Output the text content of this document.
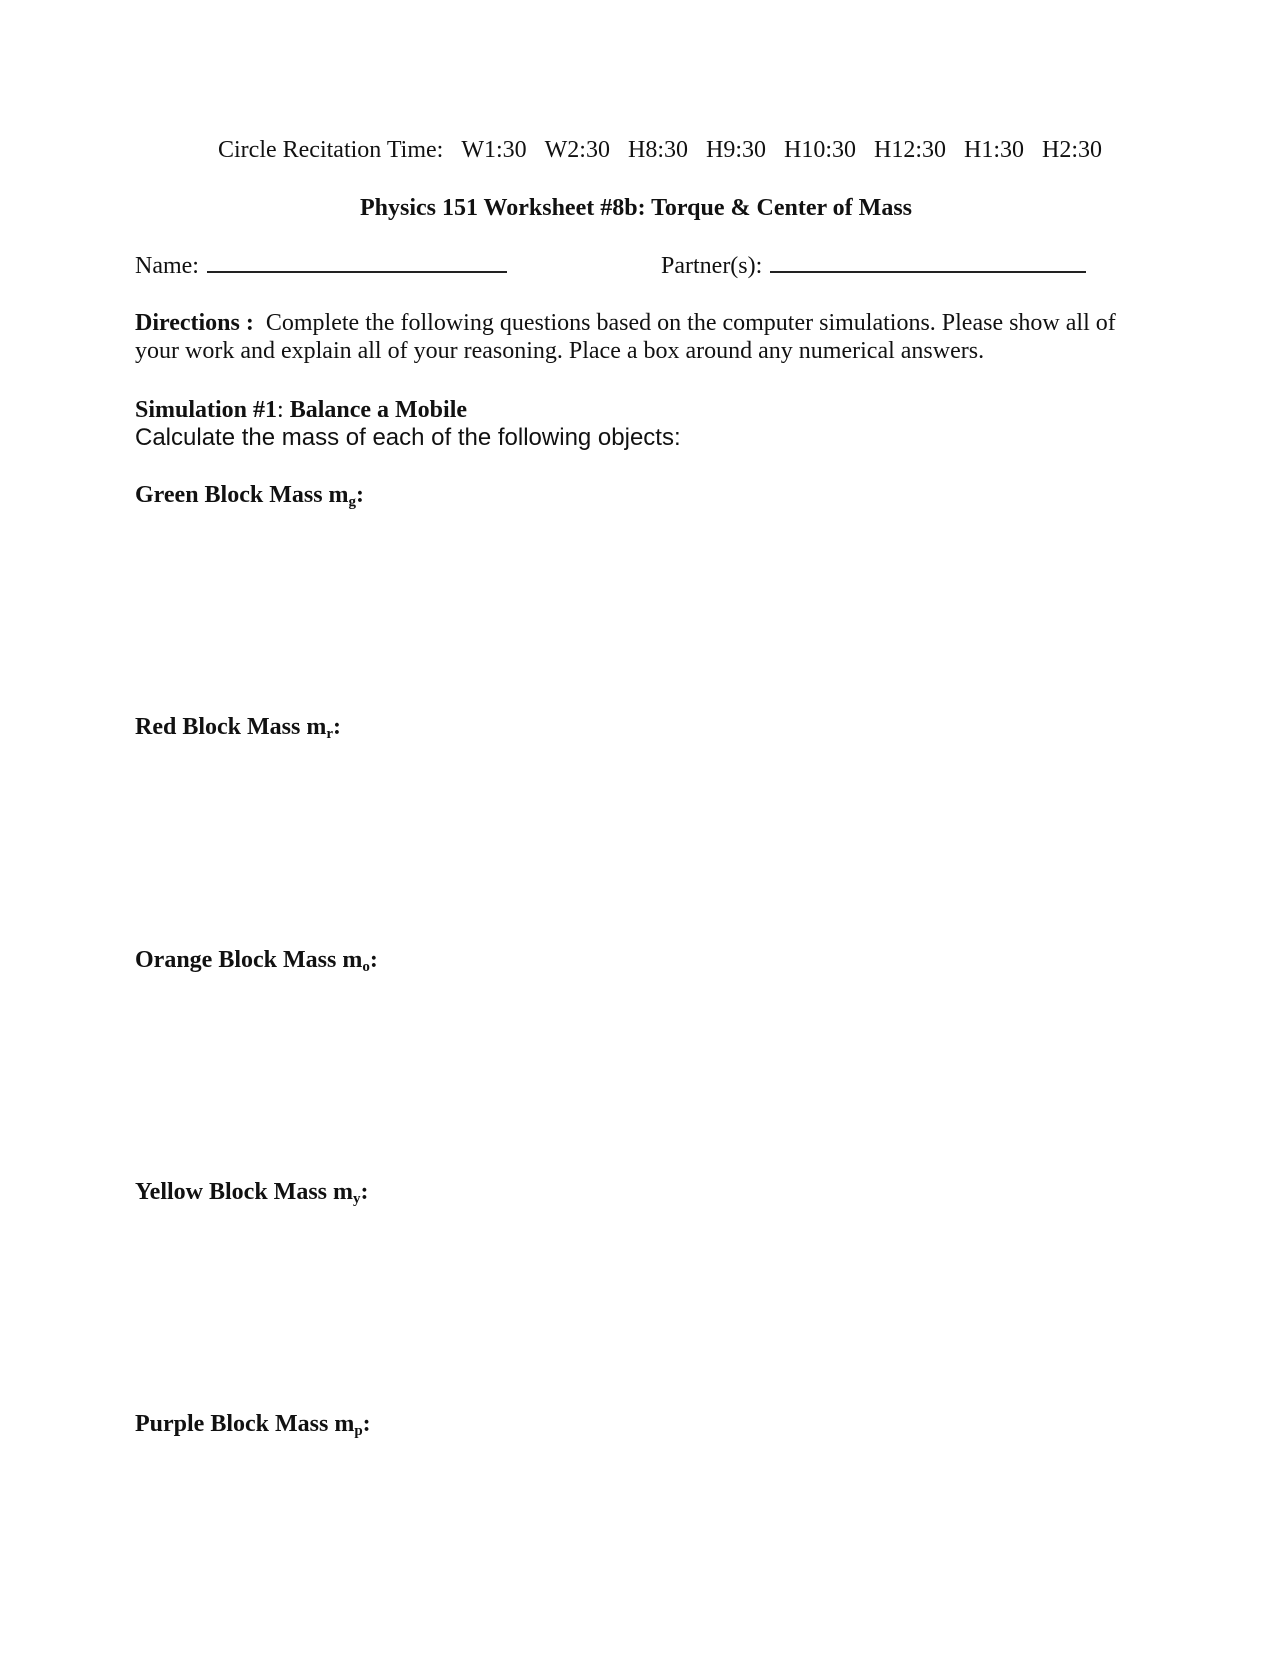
Circle Recitation Time: W1:30 W2:30 H8:30 H9:30 H10:30 H12:30 H1:30 H2:30
Physics 151 Worksheet #8b: Torque & Center of Mass
Name:	Partner(s):
Directions : Complete the following questions based on the computer simulations. Please show all of your work and explain all of your reasoning. Place a box around any numerical answers.
Simulation #1: Balance a Mobile
Calculate the mass of each of the following objects:
Green Block Mass $m_g$:
Red Block Mass $m_r$:
Orange Block Mass $m_o$:
Yellow Block Mass $m_y$:
Purple Block Mass $m_p$:
